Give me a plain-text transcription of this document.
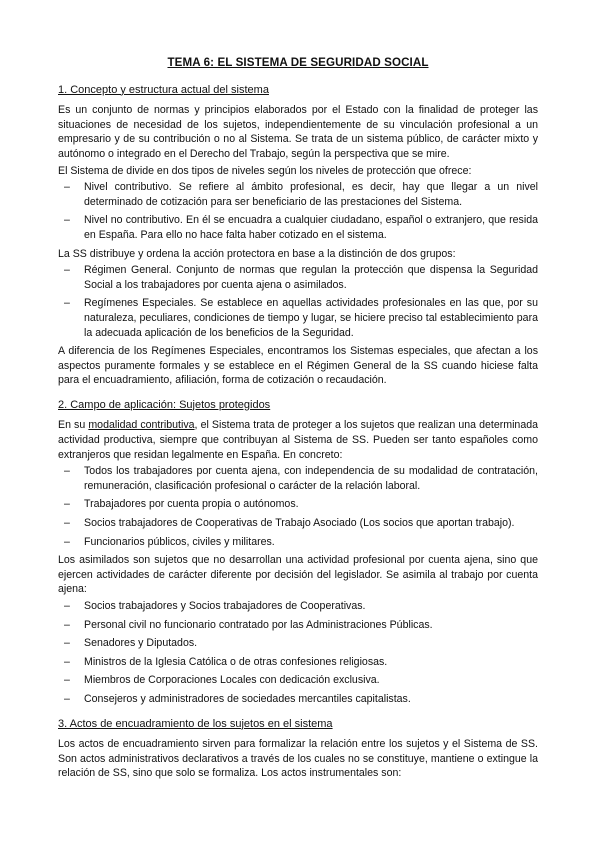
TEMA 6: EL SISTEMA DE SEGURIDAD SOCIAL
1. Concepto y estructura actual del sistema

Es un conjunto de normas y principios elaborados por el Estado con la finalidad de proteger las situaciones de necesidad de los sujetos, independientemente de su vinculación profesional a un empresario y de su contribución o no al Sistema. Se trata de un sistema público, de carácter mixto y autónomo o integrado en el Derecho del Trabajo, según la perspectiva que se mire.

El Sistema de divide en dos tipos de niveles según los niveles de protección que ofrece:

– Nivel contributivo. Se refiere al ámbito profesional, es decir, hay que llegar a un nivel determinado de cotización para ser beneficiario de las prestaciones del Sistema.
– Nivel no contributivo. En él se encuadra a cualquier ciudadano, español o extranjero, que resida en España. Para ello no hace falta haber cotizado en el sistema.

La SS distribuye y ordena la acción protectora en base a la distinción de dos grupos:

– Régimen General. Conjunto de normas que regulan la protección que dispensa la Seguridad Social a los trabajadores por cuenta ajena o asimilados.
– Regímenes Especiales. Se establece en aquellas actividades profesionales en las que, por su naturaleza, peculiares, condiciones de tiempo y lugar, se hiciere preciso tal establecimiento para la adecuada aplicación de los beneficios de la Seguridad.

A diferencia de los Regímenes Especiales, encontramos los Sistemas especiales, que afectan a los aspectos puramente formales y se establece en el Régimen General de la SS cuando hiciese falta para el encuadramiento, afiliación, forma de cotización o recaudación.

2. Campo de aplicación: Sujetos protegidos

En su modalidad contributiva, el Sistema trata de proteger a los sujetos que realizan una determinada actividad productiva, siempre que contribuyan al Sistema de SS. Pueden ser tanto españoles como extranjeros que residan legalmente en España. En concreto:

– Todos los trabajadores por cuenta ajena, con independencia de su modalidad de contratación, remuneración, clasificación profesional o carácter de la relación laboral.
– Trabajadores por cuenta propia o autónomos.
– Socios trabajadores de Cooperativas de Trabajo Asociado (Los socios que aportan trabajo).
– Funcionarios públicos, civiles y militares.

Los asimilados son sujetos que no desarrollan una actividad profesional por cuenta ajena, sino que ejercen actividades de carácter diferente por decisión del legislador. Se asimila al trabajo por cuenta ajena:

– Socios trabajadores y Socios trabajadores de Cooperativas.
– Personal civil no funcionario contratado por las Administraciones Públicas.
– Senadores y Diputados.
– Ministros de la Iglesia Católica o de otras confesiones religiosas.
– Miembros de Corporaciones Locales con dedicación exclusiva.
– Consejeros y administradores de sociedades mercantiles capitalistas.
3. Actos de encuadramiento de los sujetos en el sistema

Los actos de encuadramiento sirven para formalizar la relación entre los sujetos y el Sistema de SS. Son actos administrativos declarativos a través de los cuales no se constituye, mantiene o extingue la relación de SS, sino que solo se formaliza. Los actos instrumentales son:
